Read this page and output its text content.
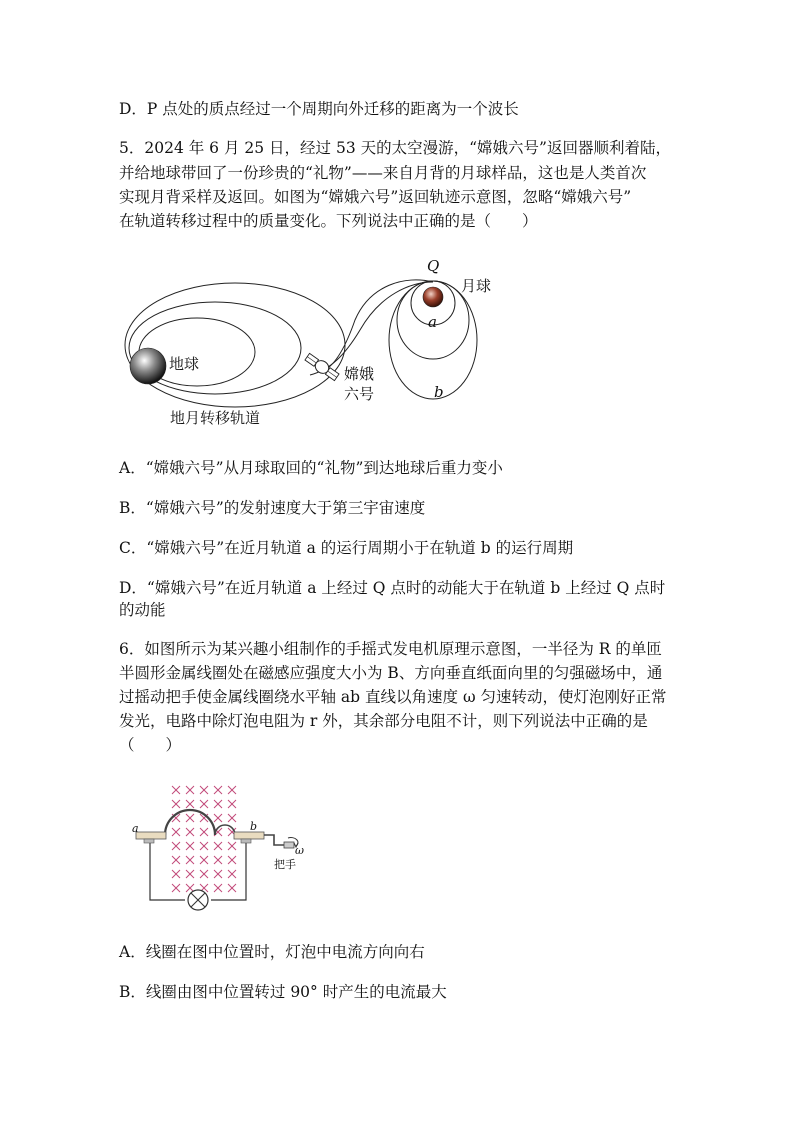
D．P 点处的质点经过一个周期向外迁移的距离为一个波长
5．2024 年 6 月 25 日，经过 53 天的太空漫游，“嫦娥六号”返回器顺利着陆，
并给地球带回了一份珍贵的“礼物”——来自月背的月球样品，这也是人类首次
实现月背采样及返回。如图为“嫦娥六号”返回轨迹示意图，忽略“嫦娥六号”
在轨道转移过程中的质量变化。下列说法中正确的是（　　）
地球
Q
月球
a
b
嫦娥
六号
地月转移轨道
A．“嫦娥六号”从月球取回的“礼物”到达地球后重力变小
B．“嫦娥六号”的发射速度大于第三宇宙速度
C．“嫦娥六号”在近月轨道 a 的运行周期小于在轨道 b 的运行周期
D．“嫦娥六号”在近月轨道 a 上经过 Q 点时的动能大于在轨道 b 上经过 Q 点时
的动能
6．如图所示为某兴趣小组制作的手摇式发电机原理示意图，一半径为 R 的单匝
半圆形金属线圈处在磁感应强度大小为 B、方向垂直纸面向里的匀强磁场中，通
过摇动把手使金属线圈绕水平轴 ab 直线以角速度 ω 匀速转动，使灯泡刚好正常
发光，电路中除灯泡电阻为 r 外，其余部分电阻不计，则下列说法中正确的是
（　　）
a	b
ω
把手
A．线圈在图中位置时，灯泡中电流方向向右
B．线圈由图中位置转过 90° 时产生的电流最大
